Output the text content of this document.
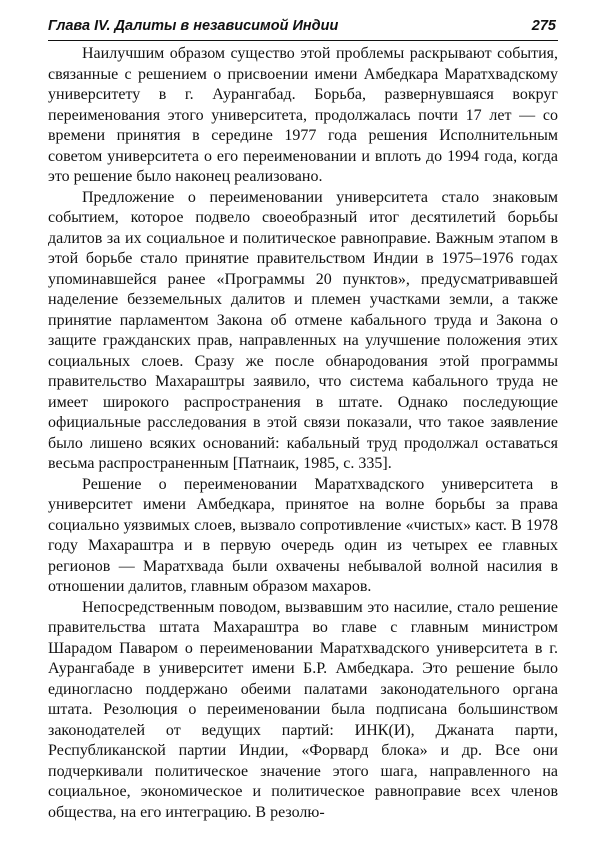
Глава IV. Далиты в независимой Индии	275

Наилучшим образом существо этой проблемы раскрывают события, связанные с решением о присвоении имени Амбедкара Маратхвадскому университету в г. Аурангабад. Борьба, развернувшаяся вокруг переименования этого университета, продолжалась почти 17 лет — со времени принятия в середине 1977 года решения Исполнительным советом университета о его переименовании и вплоть до 1994 года, когда это решение было наконец реализовано.

Предложение о переименовании университета стало знаковым событием, которое подвело своеобразный итог десятилетий борьбы далитов за их социальное и политическое равноправие. Важным этапом в этой борьбе стало принятие правительством Индии в 1975–1976 годах упоминавшейся ранее «Программы 20 пунктов», предусматривавшей наделение безземельных далитов и племен участками земли, а также принятие парламентом Закона об отмене кабального труда и Закона о защите гражданских прав, направленных на улучшение положения этих социальных слоев. Сразу же после обнародования этой программы правительство Махараштры заявило, что система кабального труда не имеет широкого распространения в штате. Однако последующие официальные расследования в этой связи показали, что такое заявление было лишено всяких оснований: кабальный труд продолжал оставаться весьма распространенным [Патнаик, 1985, с. 335].

Решение о переименовании Маратхвадского университета в университет имени Амбедкара, принятое на волне борьбы за права социально уязвимых слоев, вызвало сопротивление «чистых» каст. В 1978 году Махараштра и в первую очередь один из четырех ее главных регионов — Маратхвада были охвачены небывалой волной насилия в отношении далитов, главным образом махаров.

Непосредственным поводом, вызвавшим это насилие, стало решение правительства штата Махараштра во главе с главным министром Шарадом Паваром о переименовании Маратхвадского университета в г. Аурангабаде в университет имени Б.Р. Амбедкара. Это решение было единогласно поддержано обеими палатами законодательного органа штата. Резолюция о переименовании была подписана большинством законодателей от ведущих партий: ИНК(И), Джаната парти, Республиканской партии Индии, «Форвард блока» и др. Все они подчеркивали политическое значение этого шага, направленного на социальное, экономическое и политическое равноправие всех членов общества, на его интеграцию. В резолю-
